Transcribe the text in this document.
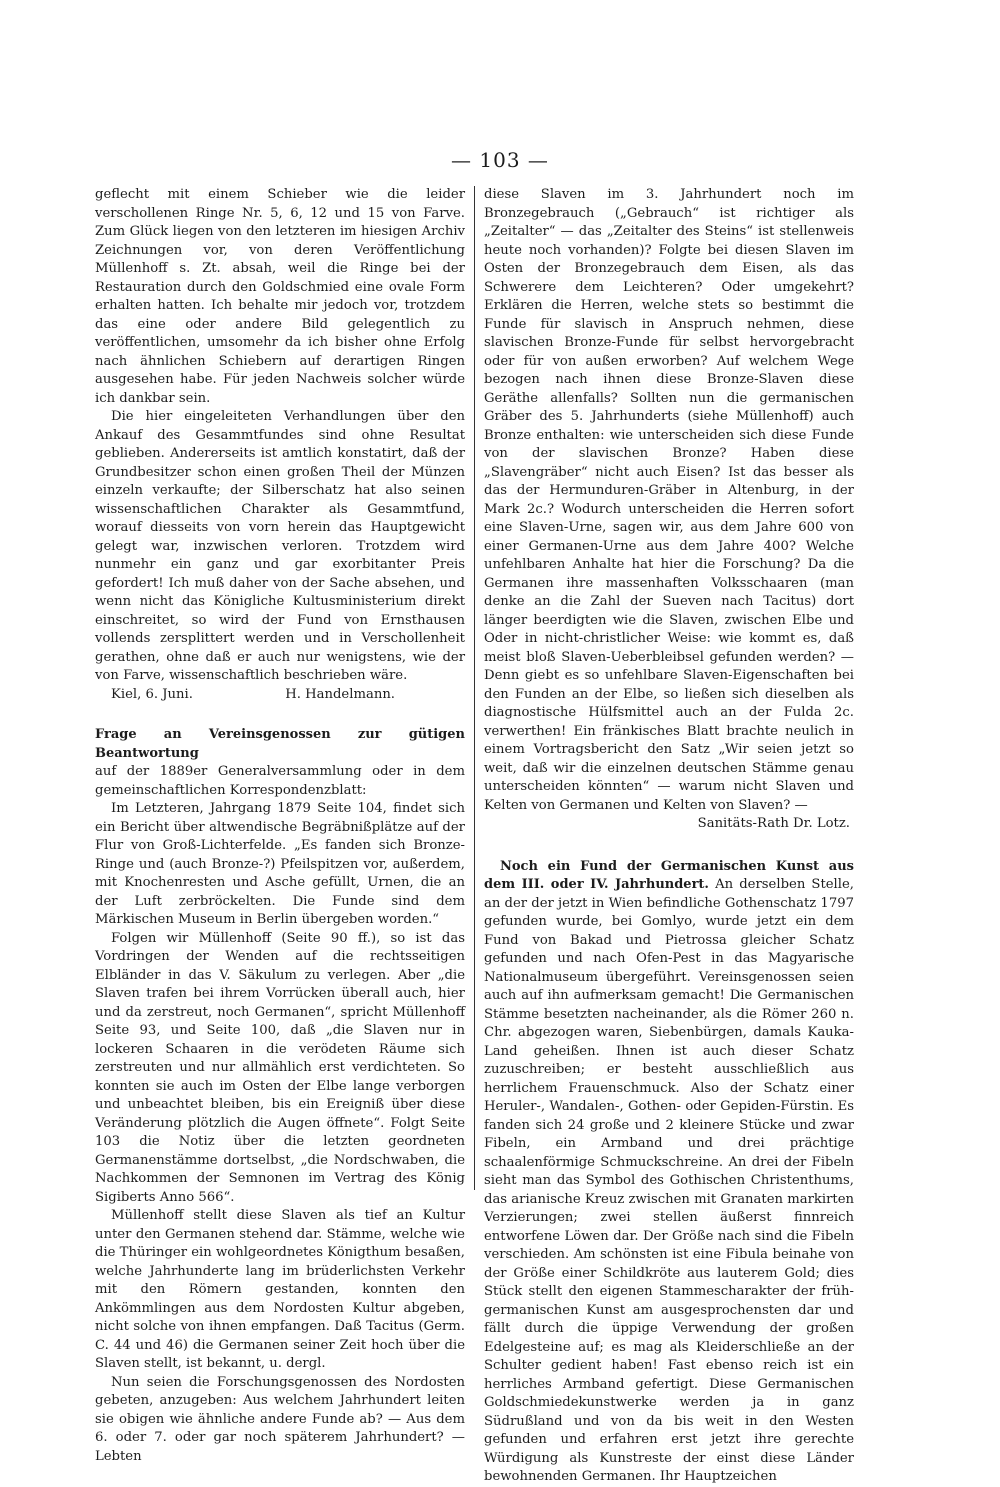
— 103 —

geflecht mit einem Schieber wie die leider verschollenen Ringe Nr. 5, 6, 12 und 15 von Farve. Zum Glück liegen von den letzteren im hiesigen Archiv Zeichnungen vor, von deren Veröffentlichung Müllenhoff s. Zt. absah, weil die Ringe bei der Restauration durch den Goldschmied eine ovale Form erhalten hatten. Ich behalte mir jedoch vor, trotzdem das eine oder andere Bild gelegentlich zu veröffentlichen, umsomehr da ich bisher ohne Erfolg nach ähnlichen Schiebern auf derartigen Ringen ausgesehen habe. Für jeden Nachweis solcher würde ich dankbar sein.

Die hier eingeleiteten Verhandlungen über den Ankauf des Gesammtfundes sind ohne Resultat geblieben. Andererseits ist amtlich konstatirt, daß der Grundbesitzer schon einen großen Theil der Münzen einzeln verkaufte; der Silberschatz hat also seinen wissenschaftlichen Charakter als Gesammtfund, worauf diesseits von vorn herein das Hauptgewicht gelegt war, inzwischen verloren. Trotzdem wird nunmehr ein ganz und gar exorbitanter Preis gefordert! Ich muß daher von der Sache absehen, und wenn nicht das Königliche Kultusministerium direkt einschreitet, so wird der Fund von Ernsthausen vollends zersplittert werden und in Verschollenheit gerathen, ohne daß er auch nur wenigstens, wie der von Farve, wissenschaftlich beschrieben wäre.

Kiel, 6. Juni.	H. Handelmann.
Frage an Vereinsgenossen zur gütigen Beantwortung

auf der 1889er Generalversammlung oder in dem gemeinschaftlichen Korrespondenzblatt:

Im Letzteren, Jahrgang 1879 Seite 104, findet sich ein Bericht über altwendische Begräbnißplätze auf der Flur von Groß-Lichterfelde. „Es fanden sich Bronze-Ringe und (auch Bronze-?) Pfeilspitzen vor, außerdem, mit Knochenresten und Asche gefüllt, Urnen, die an der Luft zerbröckelten. Die Funde sind dem Märkischen Museum in Berlin übergeben worden.“

Folgen wir Müllenhoff (Seite 90 ff.), so ist das Vordringen der Wenden auf die rechtsseitigen Elbländer in das V. Säkulum zu verlegen. Aber „die Slaven trafen bei ihrem Vorrücken überall auch, hier und da zerstreut, noch Germanen“, spricht Müllenhoff Seite 93, und Seite 100, daß „die Slaven nur in lockeren Schaaren in die verödeten Räume sich zerstreuten und nur allmählich erst verdichteten. So konnten sie auch im Osten der Elbe lange verborgen und unbeachtet bleiben, bis ein Ereigniß über diese Veränderung plötzlich die Augen öffnete“. Folgt Seite 103 die Notiz über die letzten geordneten Germanenstämme dortselbst, „die Nordschwaben, die Nachkommen der Semnonen im Vertrag des König Sigiberts Anno 566“.

Müllenhoff stellt diese Slaven als tief an Kultur unter den Germanen stehend dar. Stämme, welche wie die Thüringer ein wohlgeordnetes Königthum besaßen, welche Jahrhunderte lang im brüderlichsten Verkehr mit den Römern gestanden, konnten den Ankömmlingen aus dem Nordosten Kultur abgeben, nicht solche von ihnen empfangen. Daß Tacitus (Germ. C. 44 und 46) die Germanen seiner Zeit hoch über die Slaven stellt, ist bekannt, u. dergl.

Nun seien die Forschungsgenossen des Nordosten gebeten, anzugeben: Aus welchem Jahrhundert leiten sie obigen wie ähnliche andere Funde ab? — Aus dem 6. oder 7. oder gar noch späterem Jahrhundert? — Lebten

diese Slaven im 3. Jahrhundert noch im Bronzegebrauch („Gebrauch“ ist richtiger als „Zeitalter“ — das „Zeitalter des Steins“ ist stellenweis heute noch vorhanden)? Folgte bei diesen Slaven im Osten der Bronzegebrauch dem Eisen, als das Schwerere dem Leichteren? Oder umgekehrt? Erklären die Herren, welche stets so bestimmt die Funde für slavisch in Anspruch nehmen, diese slavischen Bronze-Funde für selbst hervorgebracht oder für von außen erworben? Auf welchem Wege bezogen nach ihnen diese Bronze-Slaven diese Geräthe allenfalls? Sollten nun die germanischen Gräber des 5. Jahrhunderts (siehe Müllenhoff) auch Bronze enthalten: wie unterscheiden sich diese Funde von der slavischen Bronze? Haben diese „Slavengräber“ nicht auch Eisen? Ist das besser als das der Hermunduren-Gräber in Altenburg, in der Mark 2c.? Wodurch unterscheiden die Herren sofort eine Slaven-Urne, sagen wir, aus dem Jahre 600 von einer Germanen-Urne aus dem Jahre 400? Welche unfehlbaren Anhalte hat hier die Forschung? Da die Germanen ihre massenhaften Volksschaaren (man denke an die Zahl der Sueven nach Tacitus) dort länger beerdigten wie die Slaven, zwischen Elbe und Oder in nicht-christlicher Weise: wie kommt es, daß meist bloß Slaven-Ueberbleibsel gefunden werden? — Denn giebt es so unfehlbare Slaven-Eigenschaften bei den Funden an der Elbe, so ließen sich dieselben als diagnostische Hülfsmittel auch an der Fulda 2c. verwerthen! Ein fränkisches Blatt brachte neulich in einem Vortragsbericht den Satz „Wir seien jetzt so weit, daß wir die einzelnen deutschen Stämme genau unterscheiden könnten“ — warum nicht Slaven und Kelten von Germanen und Kelten von Slaven? —

Sanitäts-Rath Dr. Lotz.

Noch ein Fund der Germanischen Kunst aus dem III. oder IV. Jahrhundert. An derselben Stelle, an der der jetzt in Wien befindliche Gothenschatz 1797 gefunden wurde, bei Gomlyo, wurde jetzt ein dem Fund von Bakad und Pietrossa gleicher Schatz gefunden und nach Ofen-Pest in das Magyarische Nationalmuseum übergeführt. Vereinsgenossen seien auch auf ihn aufmerksam gemacht! Die Germanischen Stämme besetzten nacheinander, als die Römer 260 n. Chr. abgezogen waren, Siebenbürgen, damals Kauka-Land geheißen. Ihnen ist auch dieser Schatz zuzuschreiben; er besteht ausschließlich aus herrlichem Frauenschmuck. Also der Schatz einer Heruler-, Wandalen-, Gothen- oder Gepiden-Fürstin. Es fanden sich 24 große und 2 kleinere Stücke und zwar Fibeln, ein Armband und drei prächtige schaalenförmige Schmuckschreine. An drei der Fibeln sieht man das Symbol des Gothischen Christenthums, das arianische Kreuz zwischen mit Granaten markirten Verzierungen; zwei stellen äußerst finnreich entworfene Löwen dar. Der Größe nach sind die Fibeln verschieden. Am schönsten ist eine Fibula beinahe von der Größe einer Schildkröte aus lauterem Gold; dies Stück stellt den eigenen Stammescharakter der früh-germanischen Kunst am ausgesprochensten dar und fällt durch die üppige Verwendung der großen Edelgesteine auf; es mag als Kleiderschließe an der Schulter gedient haben! Fast ebenso reich ist ein herrliches Armband gefertigt. Diese Germanischen Goldschmiedekunstwerke werden ja in ganz Südrußland und von da bis weit in den Westen gefunden und erfahren erst jetzt ihre gerechte Würdigung als Kunstreste der einst diese Länder bewohnenden Germanen. Ihr Hauptzeichen
